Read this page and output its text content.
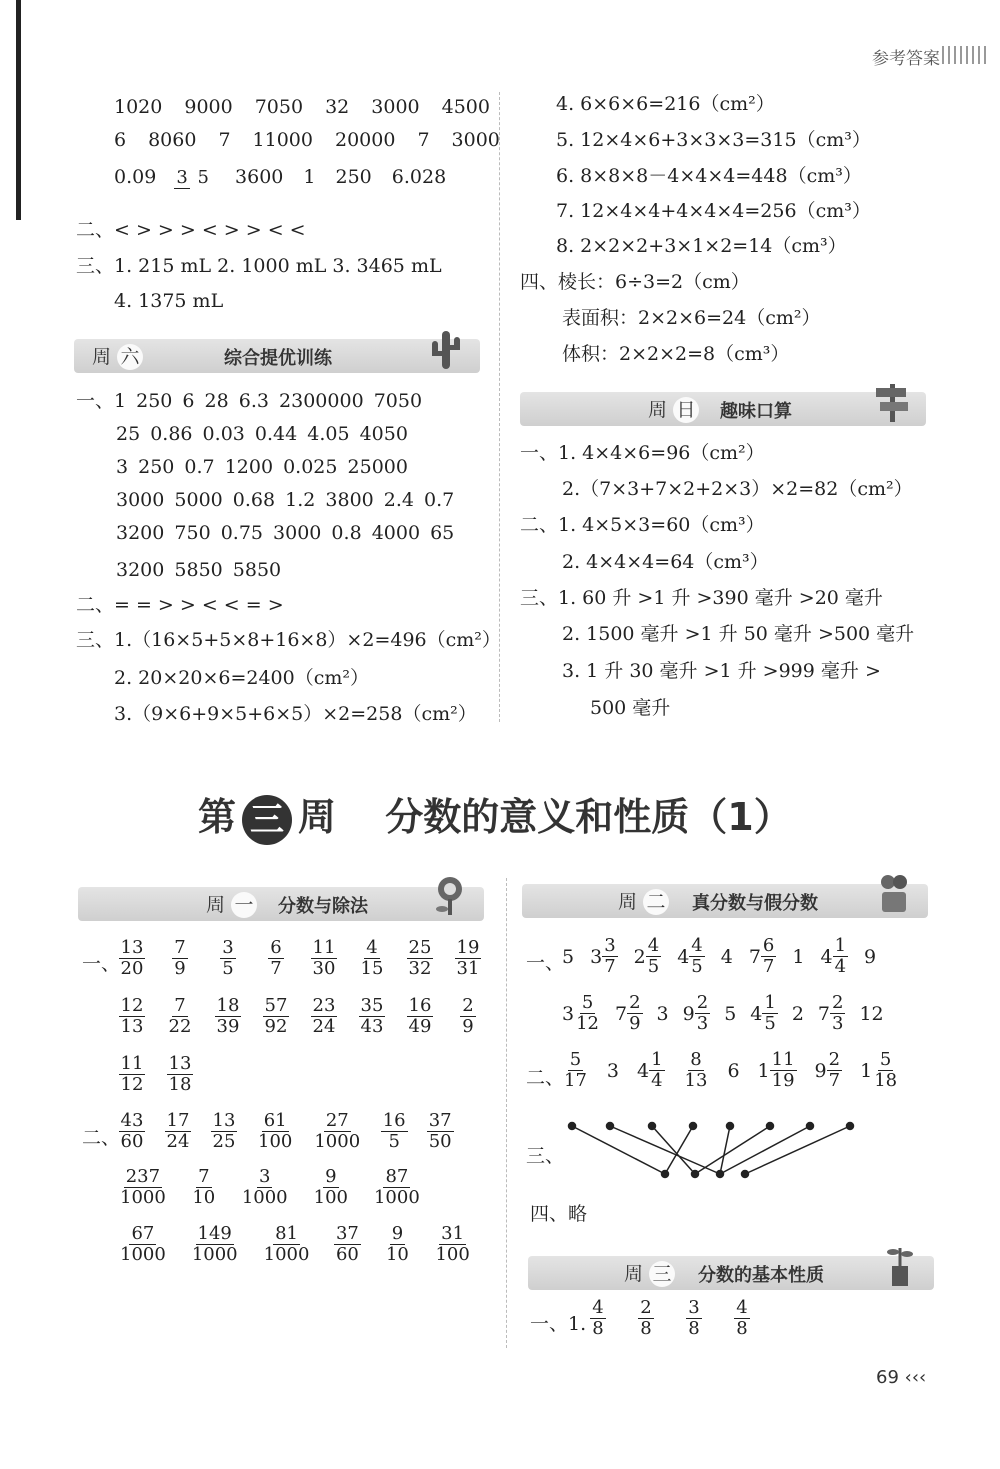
参考答案
1020 9000 7050 32 3000 4500
6 8060 7 11000 20000 7 3000
0.09 3 5 3600 1 250 6.028
二、< > > > < > > < <
三、1. 215 mL 2. 1000 mL 3. 3465 mL
4. 1375 mL
周 六	综合提优训练
一、1 250 6 28 6.3 2300000 7050
25 0.86 0.03 0.44 4.05 4050
3 250 0.7 1200 0.025 25000
3000 5000 0.68 1.2 3800 2.4 0.7
3200 750 0.75 3000 0.8 4000 65
3200 5850 5850
二、= = > > < < = >
三、1.（16×5+5×8+16×8）×2=496（cm²）
2. 20×20×6=2400（cm²）
3.（9×6+9×5+6×5）×2=258（cm²）
4. 6×6×6=216（cm²）
5. 12×4×6+3×3×3=315（cm³）
6. 8×8×8－4×4×4=448（cm³）
7. 12×4×4+4×4×4=256（cm³）
8. 2×2×2+3×1×2=14（cm³）
四、棱长：6÷3=2（cm）
表面积：2×2×6=24（cm²）
体积：2×2×2=8（cm³）
周 日 趣味口算
一、1. 4×4×6=96（cm²）
2.（7×3+7×2+2×3）×2=82（cm²）
二、1. 4×5×3=60（cm³）
2. 4×4×4=64（cm³）
三、1. 60 升 >1 升 >390 毫升 >20 毫升
2. 1500 毫升 >1 升 50 毫升 >500 毫升
3. 1 升 30 毫升 >1 升 >999 毫升 >
500 毫升
第 三 周 分数的意义和性质（1）
周 一 分数与除法
一、
$\frac{13}{20} \frac{7}{9} \frac{3}{5} \frac{6}{7} \frac{11}{30} \frac{4}{15} \frac{25}{32} \frac{19}{31}$
$\frac{12}{13} \frac{7}{22} \frac{18}{39} \frac{57}{92} \frac{23}{24} \frac{35}{43} \frac{16}{49} \frac{2}{9}$
$\frac{11}{12} \frac{13}{18}$
二、
$\frac{43}{60} \frac{17}{24} \frac{13}{25} \frac{61}{100} \frac{27}{1000} \frac{16}{5} \frac{37}{50}$
$\frac{237}{1000} \frac{7}{10} \frac{3}{1000} \frac{9}{100} \frac{87}{1000}$
$\frac{67}{1000} \frac{149}{1000} \frac{81}{1000} \frac{37}{60} \frac{9}{10} \frac{31}{100}$
周 二 真分数与假分数
一、
5 $3 \frac{3}{7} 2 \frac{4}{5} 4 \frac{4}{5} 4$ $7 \frac{6}{7} 1$ $4 \frac{1}{4} 9$
$3 \frac{5}{12} 7 \frac{2}{9} 3$ $9 \frac{2}{3} 5$ $4 \frac{1}{5} 2$ $7 \frac{2}{3} 12$
二、
$\frac{5}{17} 3$ $4 \frac{1}{4} \frac{8}{13} 6$ $1 \frac{11}{19} 9 \frac{2}{7} 1 \frac{5}{18}$
三、
四、略
周 三 分数的基本性质
一、1.
$\frac{4}{8} \frac{2}{8} \frac{3}{8} \frac{4}{8}$
69 ‹‹‹
